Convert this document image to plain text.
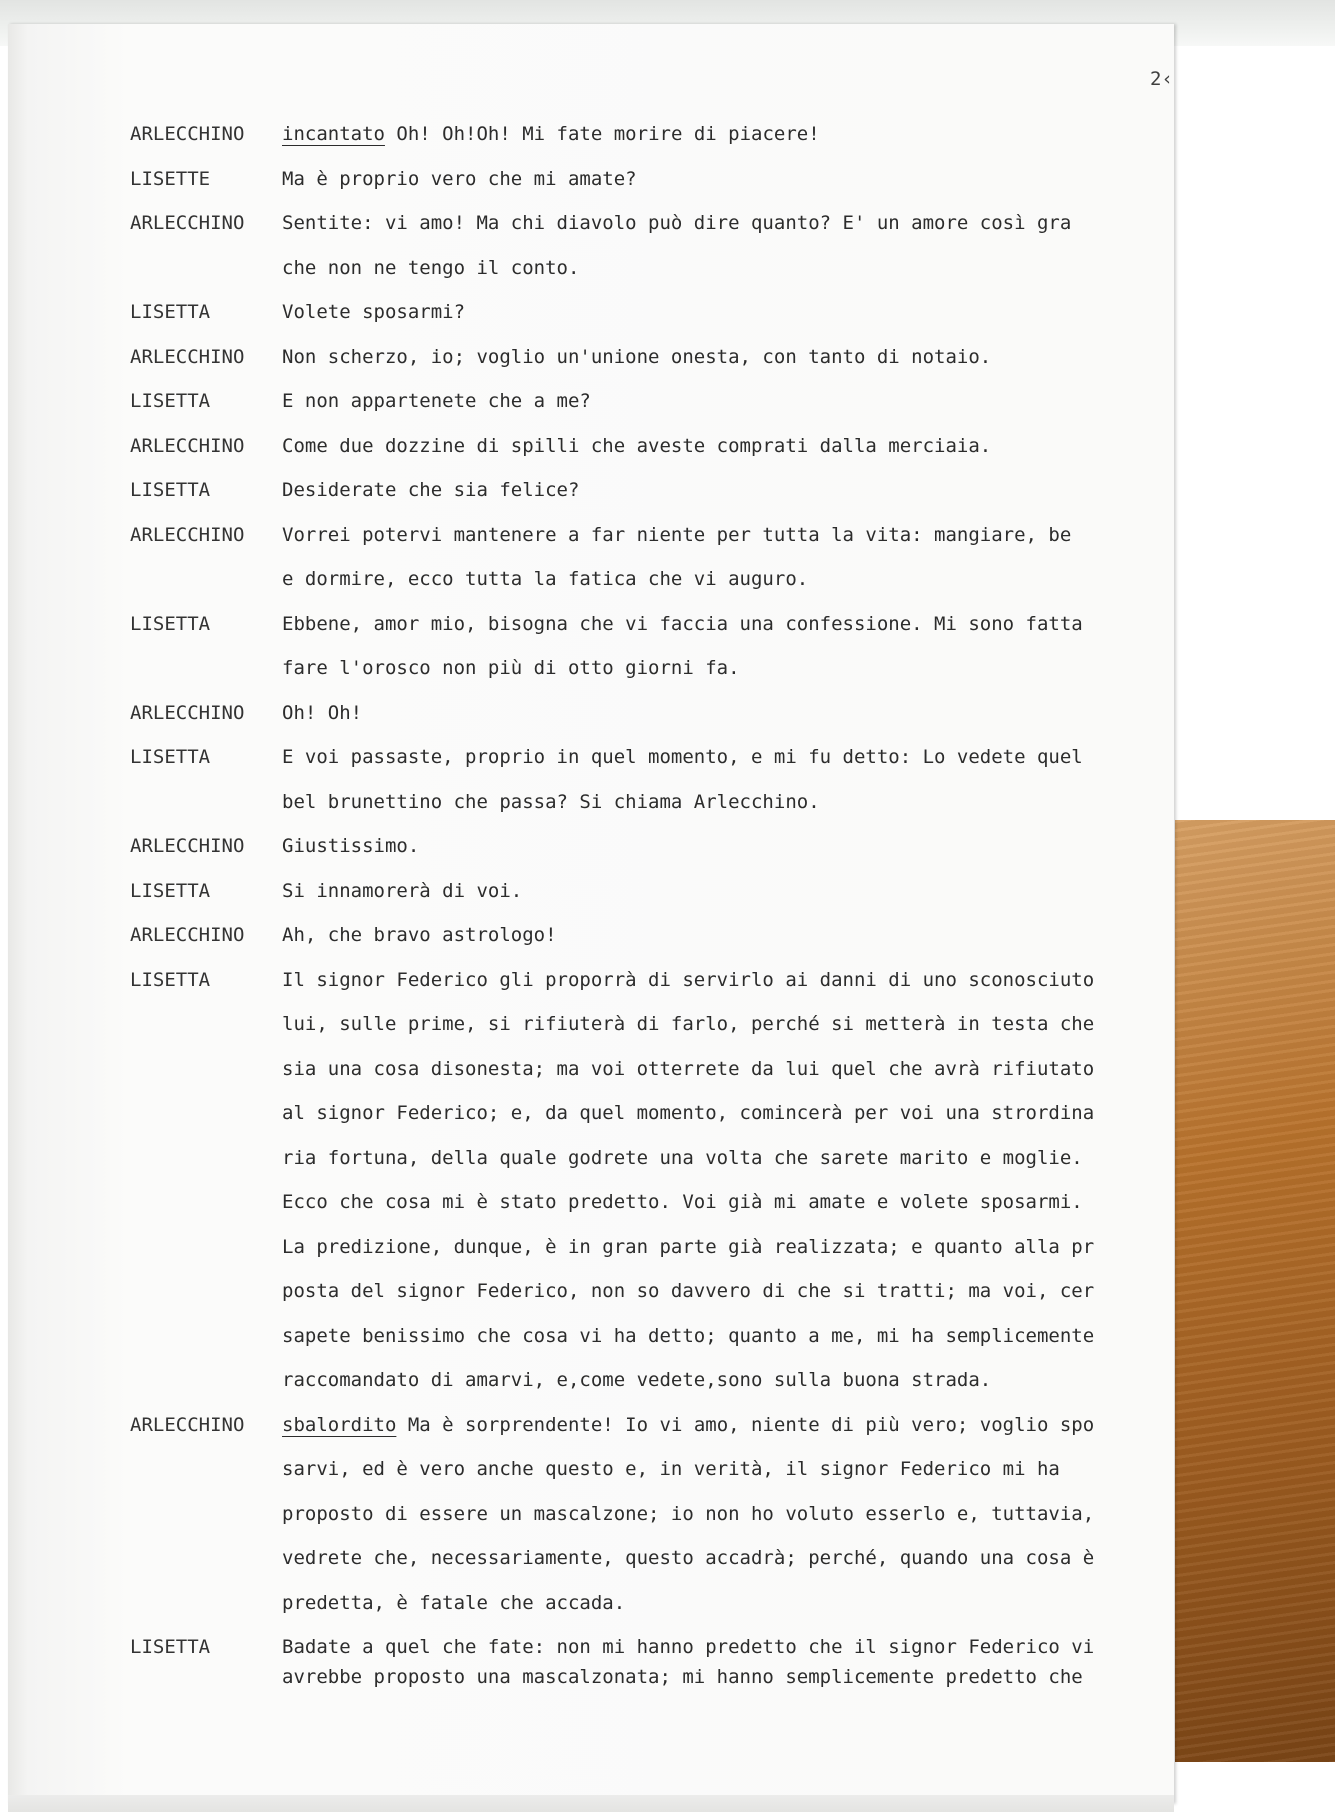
2‹
ARLECCHINO	incantato Oh! Oh!Oh! Mi fate morire di piacere!
LISETTE	Ma è proprio vero che mi amate?
ARLECCHINO	Sentite: vi amo! Ma chi diavolo può dire quanto? E' un amore così gra
che non ne tengo il conto.
LISETTA	Volete sposarmi?
ARLECCHINO	Non scherzo, io; voglio un'unione onesta, con tanto di notaio.
LISETTA	E non appartenete che a me?
ARLECCHINO	Come due dozzine di spilli che aveste comprati dalla merciaia.
LISETTA	Desiderate che sia felice?
ARLECCHINO	Vorrei potervi mantenere a far niente per tutta la vita: mangiare, be
e dormire, ecco tutta la fatica che vi auguro.
LISETTA	Ebbene, amor mio, bisogna che vi faccia una confessione. Mi sono fatta
fare l'orosco non più di otto giorni fa.
ARLECCHINO	Oh! Oh!
LISETTA	E voi passaste, proprio in quel momento, e mi fu detto: Lo vedete quel
bel brunettino che passa? Si chiama Arlecchino.
ARLECCHINO	Giustissimo.
LISETTA	Si innamorerà di voi.
ARLECCHINO	Ah, che bravo astrologo!
LISETTA	Il signor Federico gli proporrà di servirlo ai danni di uno sconosciuto
lui, sulle prime, si rifiuterà di farlo, perché si metterà in testa che
sia una cosa disonesta; ma voi otterrete da lui quel che avrà rifiutato
al signor Federico; e, da quel momento, comincerà per voi una strordina
ria fortuna, della quale godrete una volta che sarete marito e moglie.
Ecco che cosa mi è stato predetto. Voi già mi amate e volete sposarmi.
La predizione, dunque, è in gran parte già realizzata; e quanto alla pr
posta del signor Federico, non so davvero di che si tratti; ma voi, cer
sapete benissimo che cosa vi ha detto; quanto a me, mi ha semplicemente
raccomandato di amarvi, e,come vedete,sono sulla buona strada.
ARLECCHINO	sbalordito Ma è sorprendente! Io vi amo, niente di più vero; voglio spo
sarvi, ed è vero anche questo e, in verità, il signor Federico mi ha
proposto di essere un mascalzone; io non ho voluto esserlo e, tuttavia,
vedrete che, necessariamente, questo accadrà; perché, quando una cosa è
predetta, è fatale che accada.
LISETTA	Badate a quel che fate: non mi hanno predetto che il signor Federico vi
avrebbe proposto una mascalzonata; mi hanno semplicemente predetto che
